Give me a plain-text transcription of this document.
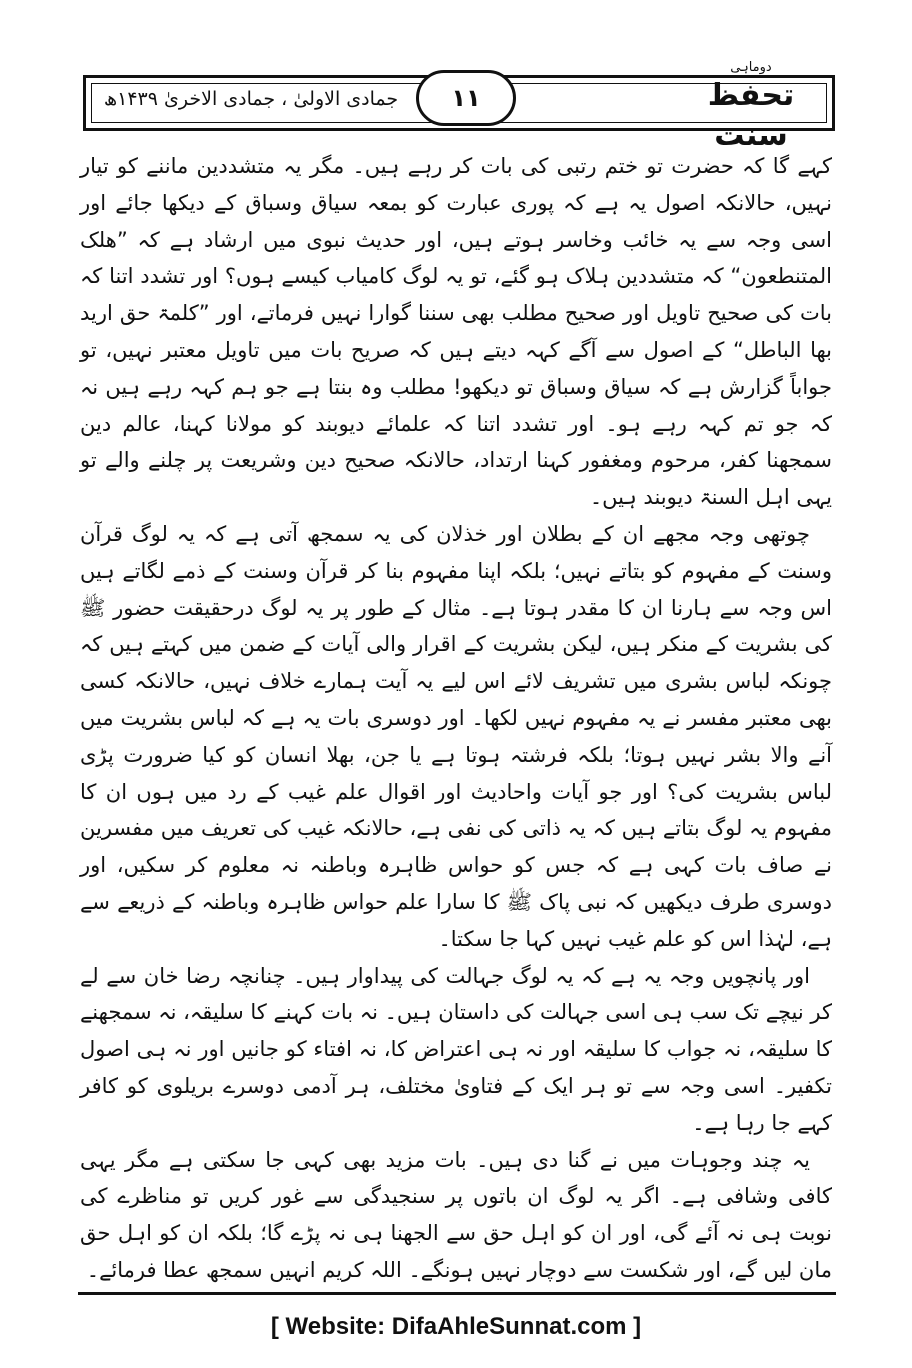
جمادی الاولیٰ ، جمادی الاخریٰ ۱۴۳۹ھ	۱۱
دوماہی
تحفظ سنت

کہے گا کہ حضرت تو ختم رتبی کی بات کر رہے ہیں۔ مگر یہ متشددین ماننے کو تیار نہیں، حالانکہ اصول یہ ہے کہ پوری عبارت کو بمعہ سیاق وسباق کے دیکھا جائے اور اسی وجہ سے یہ خائب وخاسر ہوتے ہیں، اور حدیث نبوی میں ارشاد ہے کہ ”ھلک المتنطعون“ کہ متشددین ہلاک ہو گئے، تو یہ لوگ کامیاب کیسے ہوں؟ اور تشدد اتنا کہ بات کی صحیح تاویل اور صحیح مطلب بھی سننا گوارا نہیں فرماتے، اور ”کلمۃ حق ارید بھا الباطل“ کے اصول سے آگے کہہ دیتے ہیں کہ صریح بات میں تاویل معتبر نہیں، تو جواباً گزارش ہے کہ سیاق وسباق تو دیکھو! مطلب وہ بنتا ہے جو ہم کہہ رہے ہیں نہ کہ جو تم کہہ رہے ہو۔ اور تشدد اتنا کہ علمائے دیوبند کو مولانا کہنا، عالم دین سمجھنا کفر، مرحوم ومغفور کہنا ارتداد، حالانکہ صحیح دین وشریعت پر چلنے والے تو یہی اہل السنۃ دیوبند ہیں۔

چوتھی وجہ مجھے ان کے بطلان اور خذلان کی یہ سمجھ آتی ہے کہ یہ لوگ قرآن وسنت کے مفہوم کو بتاتے نہیں؛ بلکہ اپنا مفہوم بنا کر قرآن وسنت کے ذمے لگاتے ہیں اس وجہ سے ہارنا ان کا مقدر ہوتا ہے۔ مثال کے طور پر یہ لوگ درحقیقت حضور ﷺ کی بشریت کے منکر ہیں، لیکن بشریت کے اقرار والی آیات کے ضمن میں کہتے ہیں کہ چونکہ لباس بشری میں تشریف لائے اس لیے یہ آیت ہمارے خلاف نہیں، حالانکہ کسی بھی معتبر مفسر نے یہ مفہوم نہیں لکھا۔ اور دوسری بات یہ ہے کہ لباس بشریت میں آنے والا بشر نہیں ہوتا؛ بلکہ فرشتہ ہوتا ہے یا جن، بھلا انسان کو کیا ضرورت پڑی لباس بشریت کی؟ اور جو آیات واحادیث اور اقوال علم غیب کے رد میں ہوں ان کا مفہوم یہ لوگ بتاتے ہیں کہ یہ ذاتی کی نفی ہے، حالانکہ غیب کی تعریف میں مفسرین نے صاف بات کہی ہے کہ جس کو حواس ظاہرہ وباطنہ نہ معلوم کر سکیں، اور دوسری طرف دیکھیں کہ نبی پاک ﷺ کا سارا علم حواس ظاہرہ وباطنہ کے ذریعے سے ہے، لہٰذا اس کو علم غیب نہیں کہا جا سکتا۔

اور پانچویں وجہ یہ ہے کہ یہ لوگ جہالت کی پیداوار ہیں۔ چنانچہ رضا خان سے لے کر نیچے تک سب ہی اسی جہالت کی داستان ہیں۔ نہ بات کہنے کا سلیقہ، نہ سمجھنے کا سلیقہ، نہ جواب کا سلیقہ اور نہ ہی اعتراض کا، نہ افتاء کو جانیں اور نہ ہی اصول تکفیر۔ اسی وجہ سے تو ہر ایک کے فتاویٰ مختلف، ہر آدمی دوسرے بریلوی کو کافر کہے جا رہا ہے۔

یہ چند وجوہات میں نے گنا دی ہیں۔ بات مزید بھی کہی جا سکتی ہے مگر یہی کافی وشافی ہے۔ اگر یہ لوگ ان باتوں پر سنجیدگی سے غور کریں تو مناظرے کی نوبت ہی نہ آئے گی، اور ان کو اہل حق سے الجھنا ہی نہ پڑے گا؛ بلکہ ان کو اہل حق مان لیں گے، اور شکست سے دوچار نہیں ہونگے۔ اللہ کریم انہیں سمجھ عطا فرمائے۔

[ Website: DifaAhleSunnat.com ]
